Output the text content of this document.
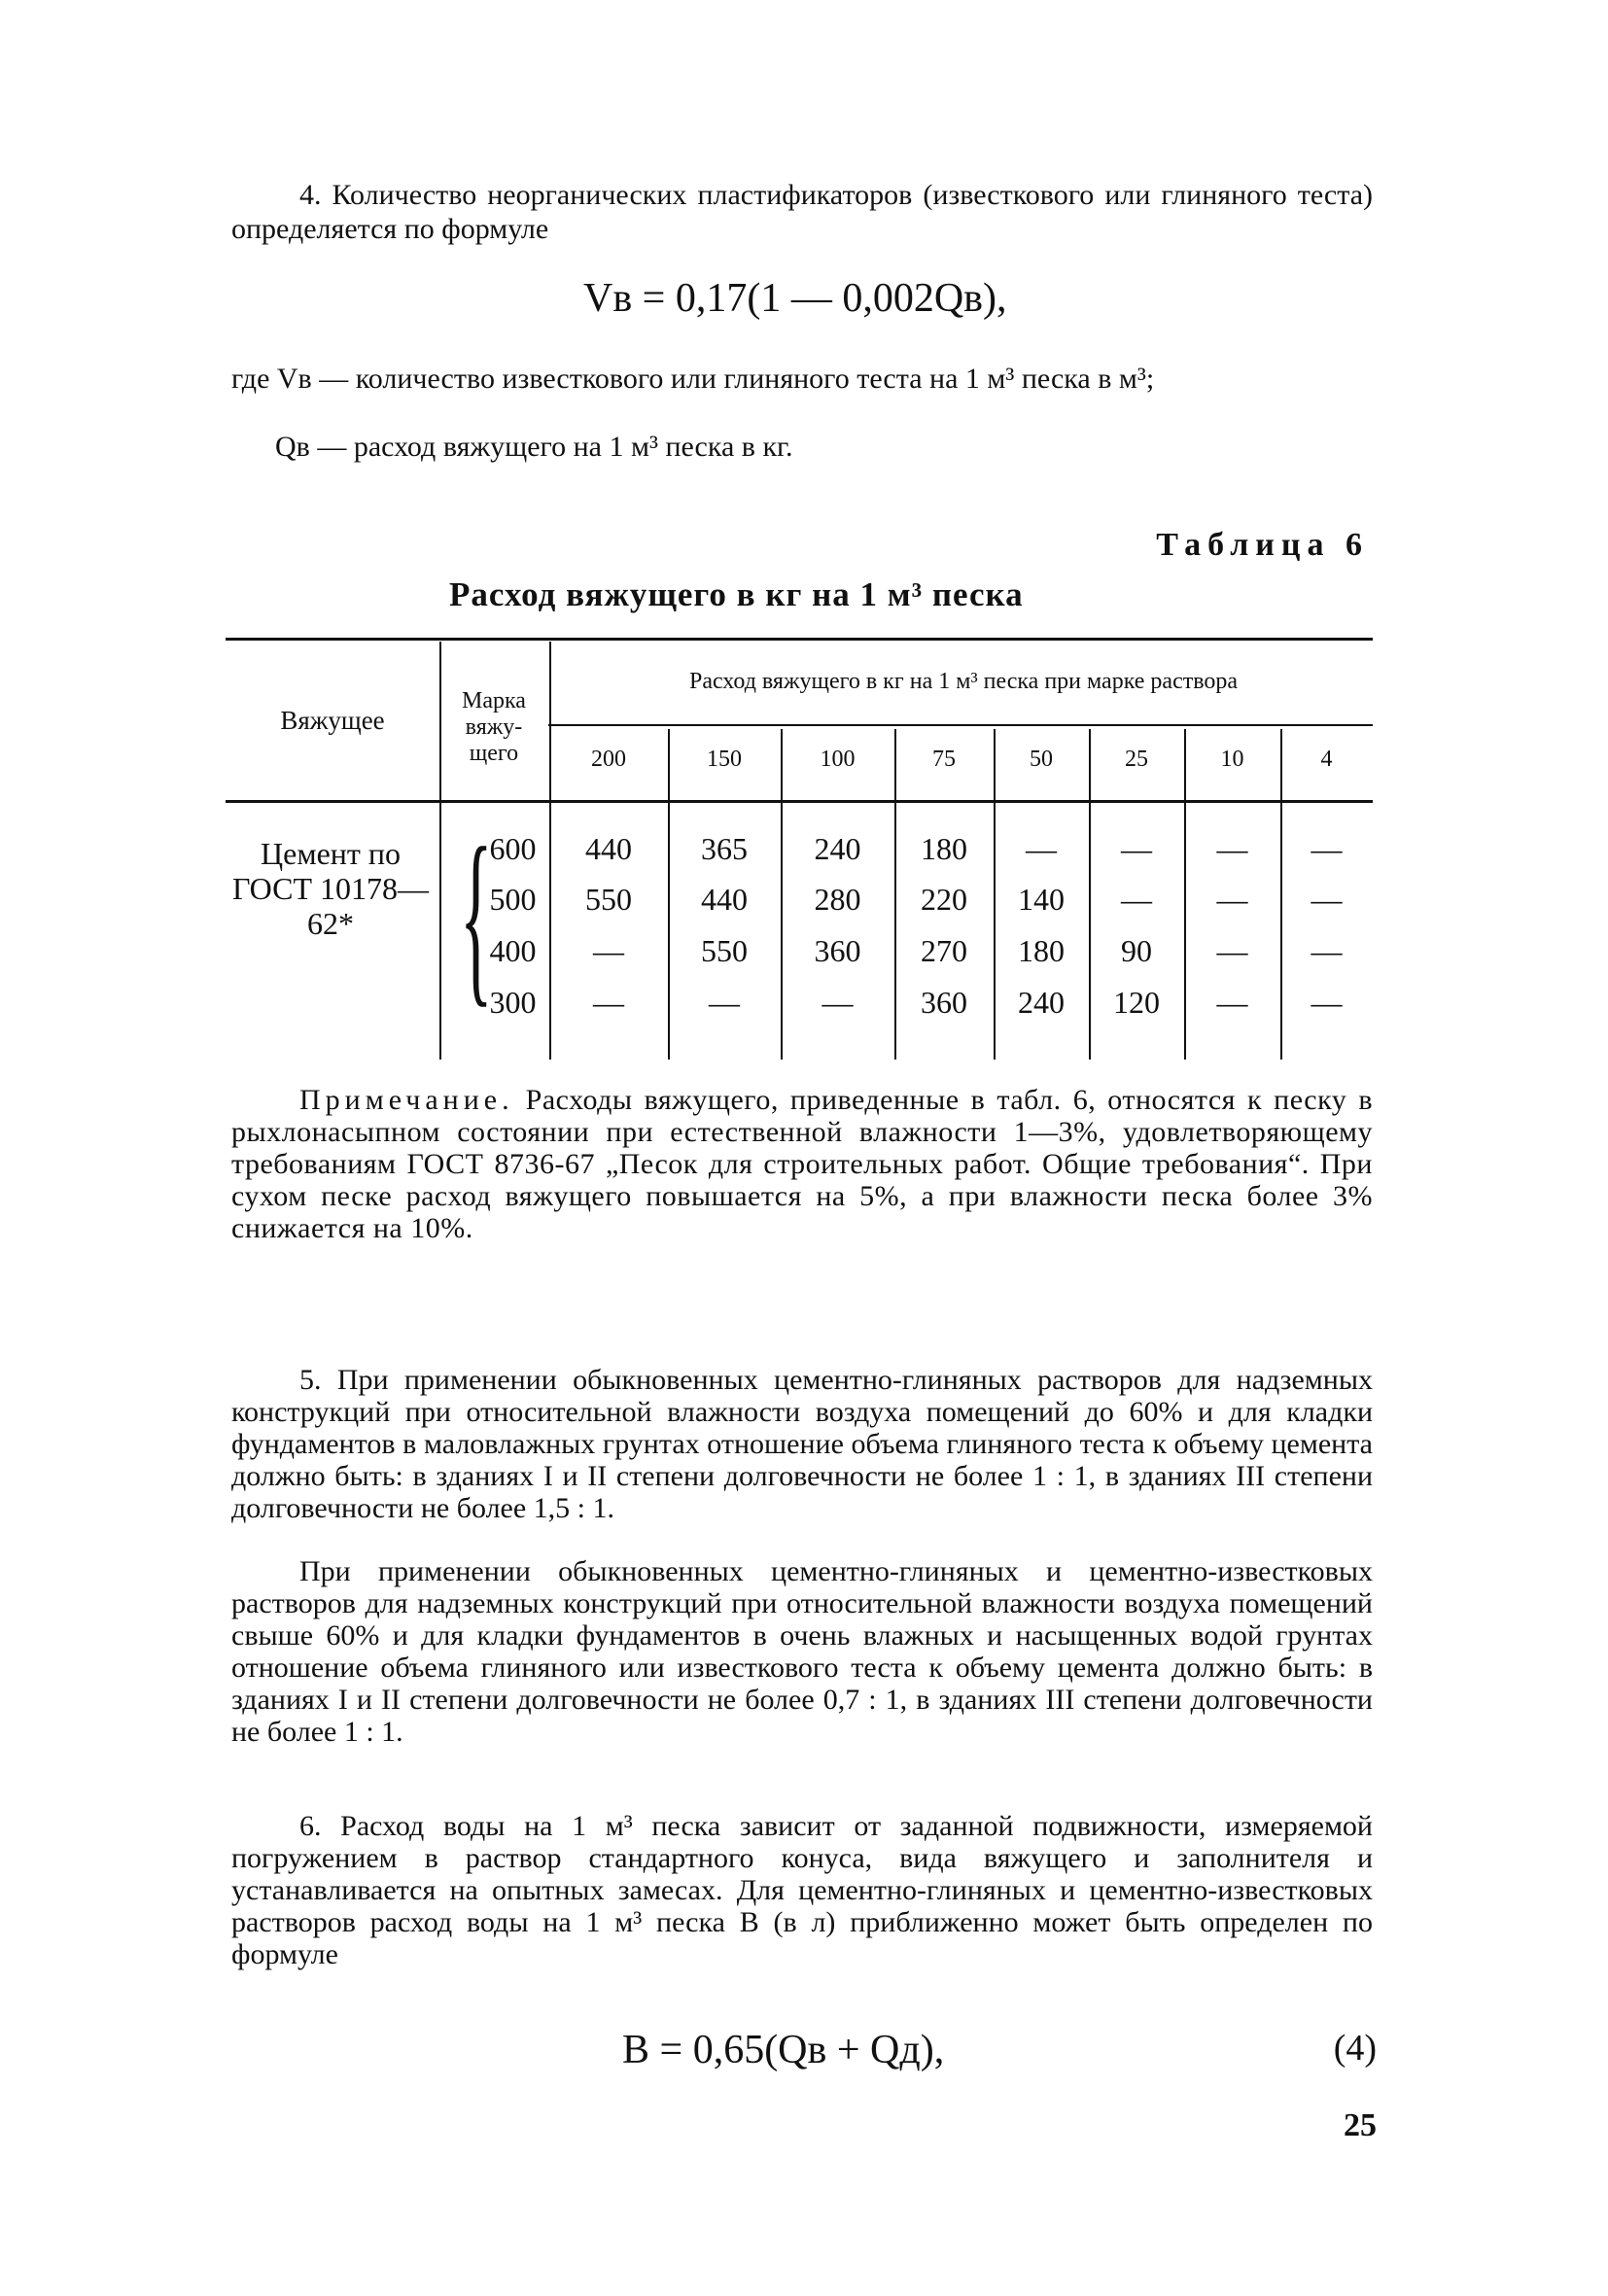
4. Количество неорганических пластификаторов (известкового или глиняного теста) определяется по формуле
Vв = 0,17(1 — 0,002Qв),
где Vв — количество известкового или глиняного теста на 1 м³ песка в м³;
Qв — расход вяжущего на 1 м³ песка в кг.
Таблица 6
Расход вяжущего в кг на 1 м³ песка
Вяжущее
Марка вяжу- щего
Расход вяжущего в кг на 1 м³ песка при марке раствора
200	150	100	75	50	25	10	4
Цемент по ГОСТ 10178—62* {
600	440	365	240	180	—	—	—	—
500	550	440	280	220	140	—	—	—
400	—	550	360	270	180	90	—	—
300	—	—	—	360	240	120	—	—
Примечание. Расходы вяжущего, приведенные в табл. 6, относятся к песку в рыхлонасыпном состоянии при естественной влажности 1—3%, удовлетворяющему требованиям ГОСТ 8736-67 „Песок для строительных работ. Общие требования“. При сухом песке расход вяжущего повышается на 5%, а при влажности песка более 3% снижается на 10%.
5. При применении обыкновенных цементно-глиняных растворов для надземных конструкций при относительной влажности воздуха помещений до 60% и для кладки фундаментов в маловлажных грунтах отношение объема глиняного теста к объему цемента должно быть: в зданиях I и II степени долговечности не более 1 : 1, в зданиях III степени долговечности не более 1,5 : 1.
При применении обыкновенных цементно-глиняных и цементно-известковых растворов для надземных конструкций при относительной влажности воздуха помещений свыше 60% и для кладки фундаментов в очень влажных и насыщенных водой грунтах отношение объема глиняного или известкового теста к объему цемента должно быть: в зданиях I и II степени долговечности не более 0,7 : 1, в зданиях III степени долговечности не более 1 : 1.
6. Расход воды на 1 м³ песка зависит от заданной подвижности, измеряемой погружением в раствор стандартного конуса, вида вяжущего и заполнителя и устанавливается на опытных замесах. Для цементно-глиняных и цементно-известковых растворов расход воды на 1 м³ песка В (в л) приближенно может быть определен по формуле
В = 0,65(Qв + Qд),	(4)
25
